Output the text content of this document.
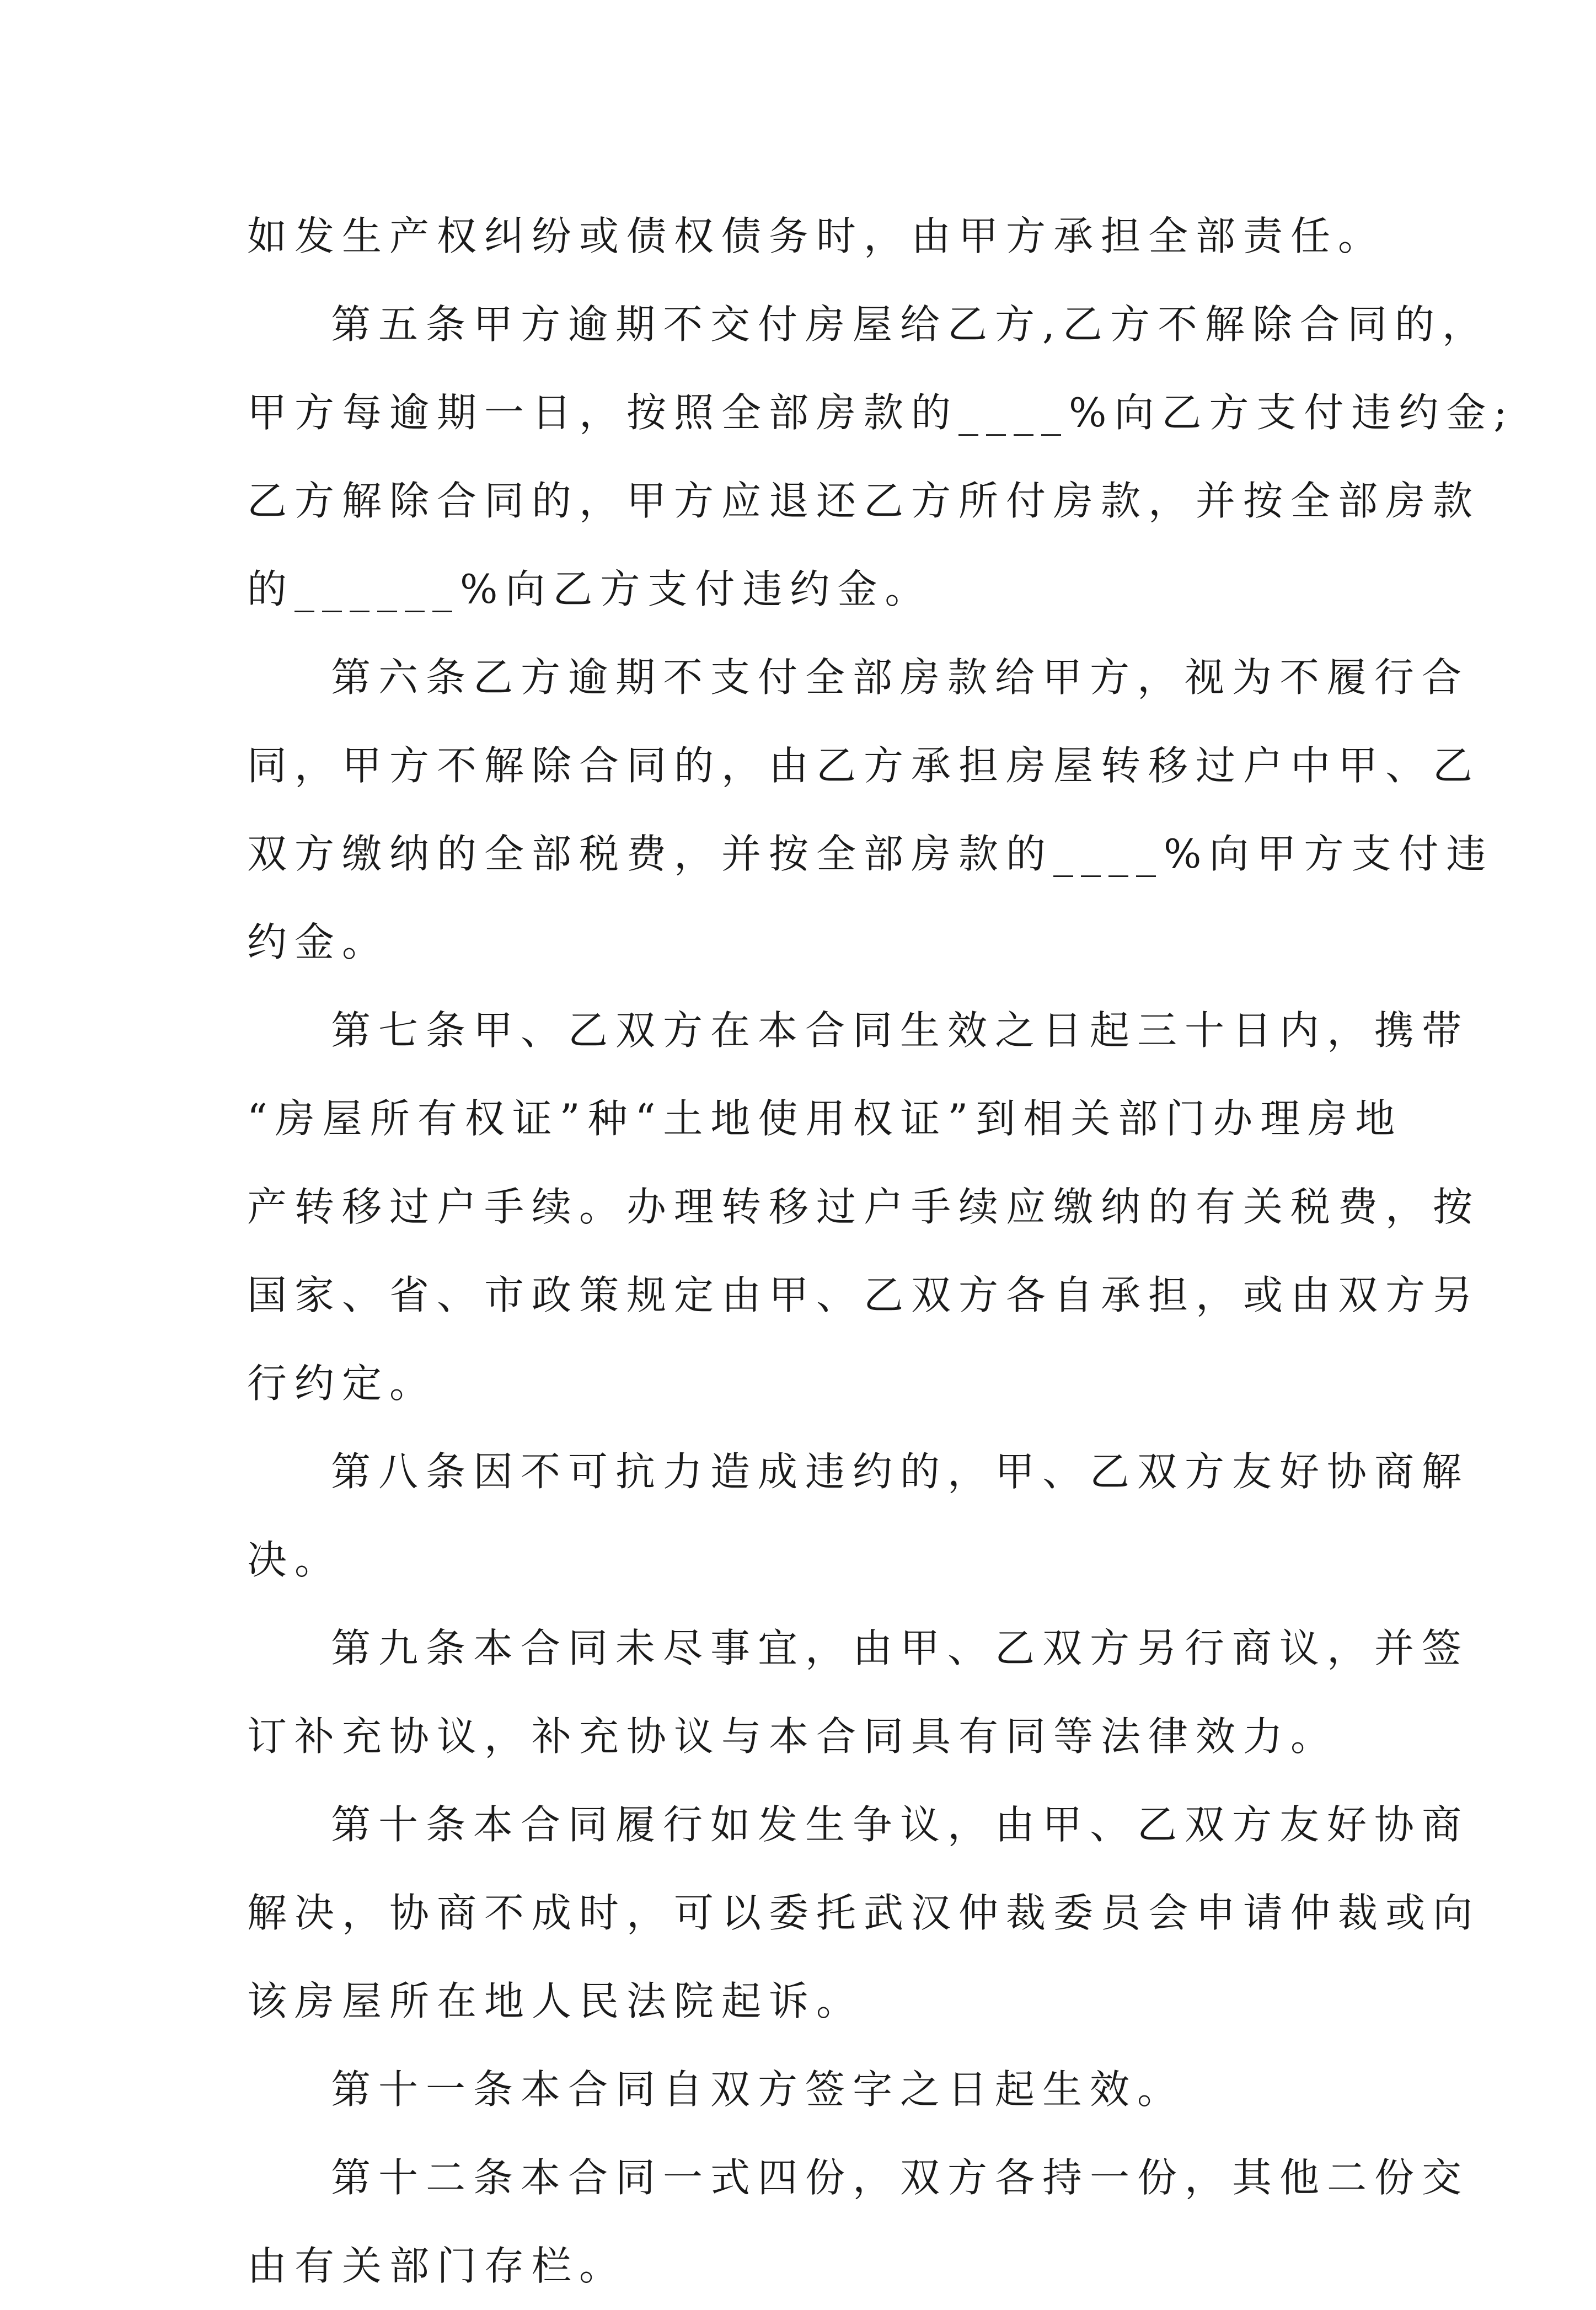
如发生产权纠纷或债权债务时，由甲方承担全部责任。
第五条甲方逾期不交付房屋给乙方,乙方不解除合同的，
甲方每逾期一日，按照全部房款的____%向乙方支付违约金;
乙方解除合同的，甲方应退还乙方所付房款，并按全部房款
的______%向乙方支付违约金。
第六条乙方逾期不支付全部房款给甲方，视为不履行合
同，甲方不解除合同的，由乙方承担房屋转移过户中甲、乙
双方缴纳的全部税费，并按全部房款的____%向甲方支付违
约金。
第七条甲、乙双方在本合同生效之日起三十日内，携带
“房屋所有权证”种“土地使用权证”到相关部门办理房地
产转移过户手续。办理转移过户手续应缴纳的有关税费，按
国家、省、市政策规定由甲、乙双方各自承担，或由双方另
行约定。
第八条因不可抗力造成违约的，甲、乙双方友好协商解
决。
第九条本合同未尽事宜，由甲、乙双方另行商议，并签
订补充协议，补充协议与本合同具有同等法律效力。
第十条本合同履行如发生争议，由甲、乙双方友好协商
解决，协商不成时，可以委托武汉仲裁委员会申请仲裁或向
该房屋所在地人民法院起诉。
第十一条本合同自双方签字之日起生效。
第十二条本合同一式四份，双方各持一份，其他二份交
由有关部门存栏。
